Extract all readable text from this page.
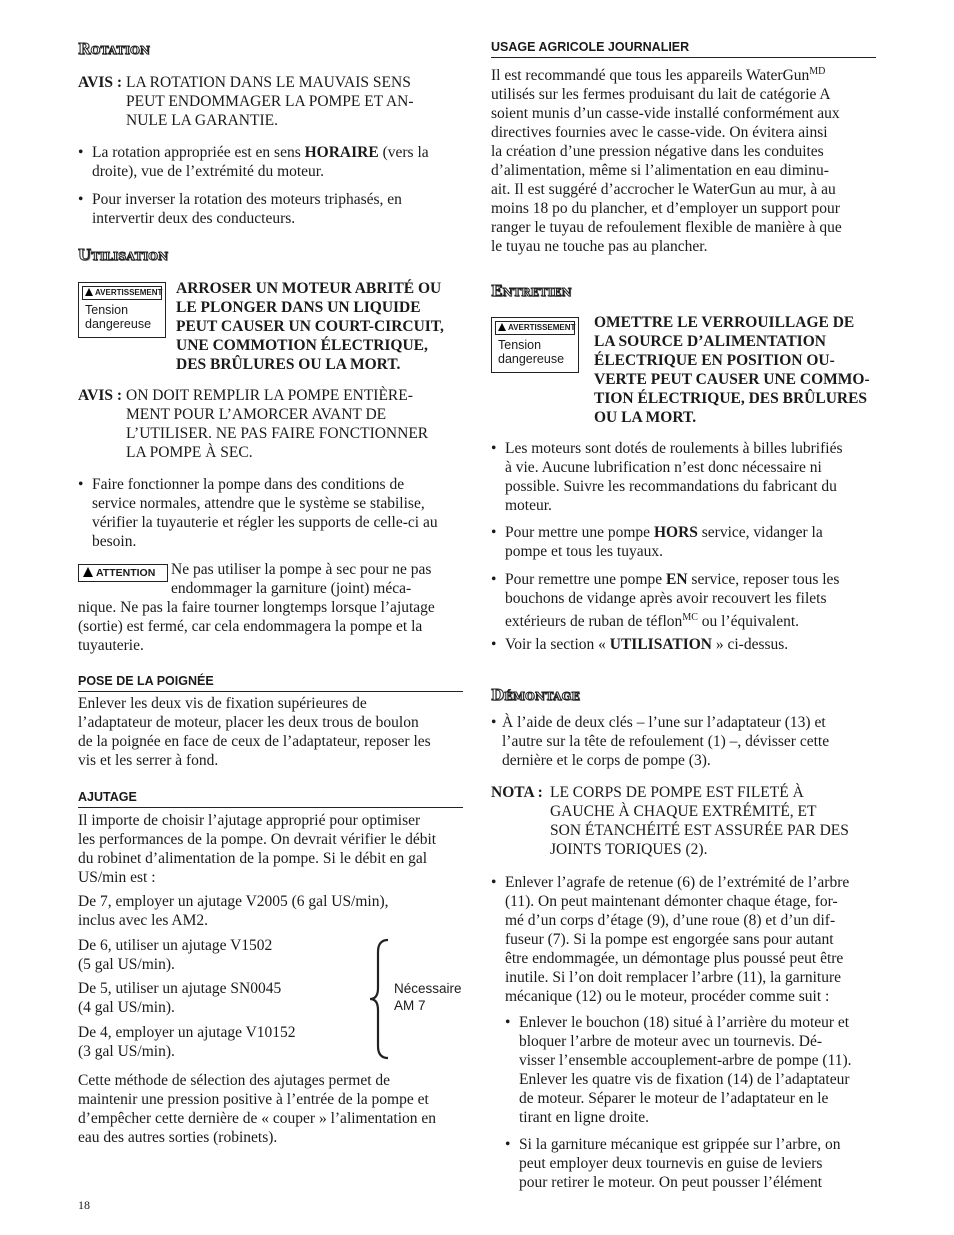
Rotation
AVIS : LA ROTATION DANS LE MAUVAIS SENS
PEUT ENDOMMAGER LA POMPE ET AN-
NULE LA GARANTIE.
• La rotation appropriée est en sens HORAIRE (vers la
droite), vue de l’extrémité du moteur.
• Pour inverser la rotation des moteurs triphasés, en
intervertir deux des conducteurs.
Utilisation
AVERTISSEMENT
Tension dangereuse
ARROSER UN MOTEUR ABRITÉ OU
LE PLONGER DANS UN LIQUIDE
PEUT CAUSER UN COURT-CIRCUIT,
UNE COMMOTION ÉLECTRIQUE,
DES BRÛLURES OU LA MORT.
AVIS : ON DOIT REMPLIR LA POMPE ENTIÈRE-
MENT POUR L’AMORCER AVANT DE
L’UTILISER. NE PAS FAIRE FONCTIONNER
LA POMPE À SEC.
• Faire fonctionner la pompe dans des conditions de
service normales, attendre que le système se stabilise,
vérifier la tuyauterie et régler les supports de celle-ci au
besoin.
ATTENTION	Ne pas utiliser la pompe à sec pour ne pas
endommager la garniture (joint) méca-
nique. Ne pas la faire tourner longtemps lorsque l’ajutage
(sortie) est fermé, car cela endommagera la pompe et la
tuyauterie.
POSE DE LA POIGNÉE
Enlever les deux vis de fixation supérieures de
l’adaptateur de moteur, placer les deux trous de boulon
de la poignée en face de ceux de l’adaptateur, reposer les
vis et les serrer à fond.
AJUTAGE
Il importe de choisir l’ajutage approprié pour optimiser
les performances de la pompe. On devrait vérifier le débit
du robinet d’alimentation de la pompe. Si le débit en gal
US/min est :
De 7, employer un ajutage V2005 (6 gal US/min),
inclus avec les AM2.
De 6, utiliser un ajutage V1502
(5 gal US/min).
De 5, utiliser un ajutage SN0045
(4 gal US/min).
De 4, employer un ajutage V10152
(3 gal US/min).
Nécessaire
AM 7
Cette méthode de sélection des ajutages permet de
maintenir une pression positive à l’entrée de la pompe et
d’empêcher cette dernière de « couper » l’alimentation en
eau des autres sorties (robinets).
18
USAGE AGRICOLE JOURNALIER
Il est recommandé que tous les appareils WaterGun$^{MD}$
utilisés sur les fermes produisant du lait de catégorie A
soient munis d’un casse-vide installé conformément aux
directives fournies avec le casse-vide. On évitera ainsi
la création d’une pression négative dans les conduites
d’alimentation, même si l’alimentation en eau diminu-
ait. Il est suggéré d’accrocher le WaterGun au mur, à au
moins 18 po du plancher, et d’employer un support pour
ranger le tuyau de refoulement flexible de manière à que
le tuyau ne touche pas au plancher.
Entretien
AVERTISSEMENT
Tension dangereuse
OMETTRE LE VERROUILLAGE DE
LA SOURCE D’ALIMENTATION
ÉLECTRIQUE EN POSITION OU-
VERTE PEUT CAUSER UNE COMMO-
TION ÉLECTRIQUE, DES BRÛLURES
OU LA MORT.
• Les moteurs sont dotés de roulements à billes lubrifiés
à vie. Aucune lubrification n’est donc nécessaire ni
possible. Suivre les recommandations du fabricant du
moteur.
• Pour mettre une pompe HORS service, vidanger la
pompe et tous les tuyaux.
• Pour remettre une pompe EN service, reposer tous les
bouchons de vidange après avoir recouvert les filets
extérieurs de ruban de téflon$^{MC}$ ou l’équivalent.
• Voir la section « UTILISATION » ci-dessus.
Démontage
• À l’aide de deux clés – l’une sur l’adaptateur (13) et
l’autre sur la tête de refoulement (1) –, dévisser cette
dernière et le corps de pompe (3).
NOTA : LE CORPS DE POMPE EST FILETÉ À
GAUCHE À CHAQUE EXTRÉMITÉ, ET
SON ÉTANCHÉITÉ EST ASSURÉE PAR DES
JOINTS TORIQUES (2).
• Enlever l’agrafe de retenue (6) de l’extrémité de l’arbre
(11). On peut maintenant démonter chaque étage, for-
mé d’un corps d’étage (9), d’une roue (8) et d’un dif-
fuseur (7). Si la pompe est engorgée sans pour autant
être endommagée, un démontage plus poussé peut être
inutile. Si l’on doit remplacer l’arbre (11), la garniture
mécanique (12) ou le moteur, procéder comme suit :
• Enlever le bouchon (18) situé à l’arrière du moteur et
bloquer l’arbre de moteur avec un tournevis. Dé-
visser l’ensemble accouplement-arbre de pompe (11).
Enlever les quatre vis de fixation (14) de l’adaptateur
de moteur. Séparer le moteur de l’adaptateur en le
tirant en ligne droite.
• Si la garniture mécanique est grippée sur l’arbre, on
peut employer deux tournevis en guise de leviers
pour retirer le moteur. On peut pousser l’élément
